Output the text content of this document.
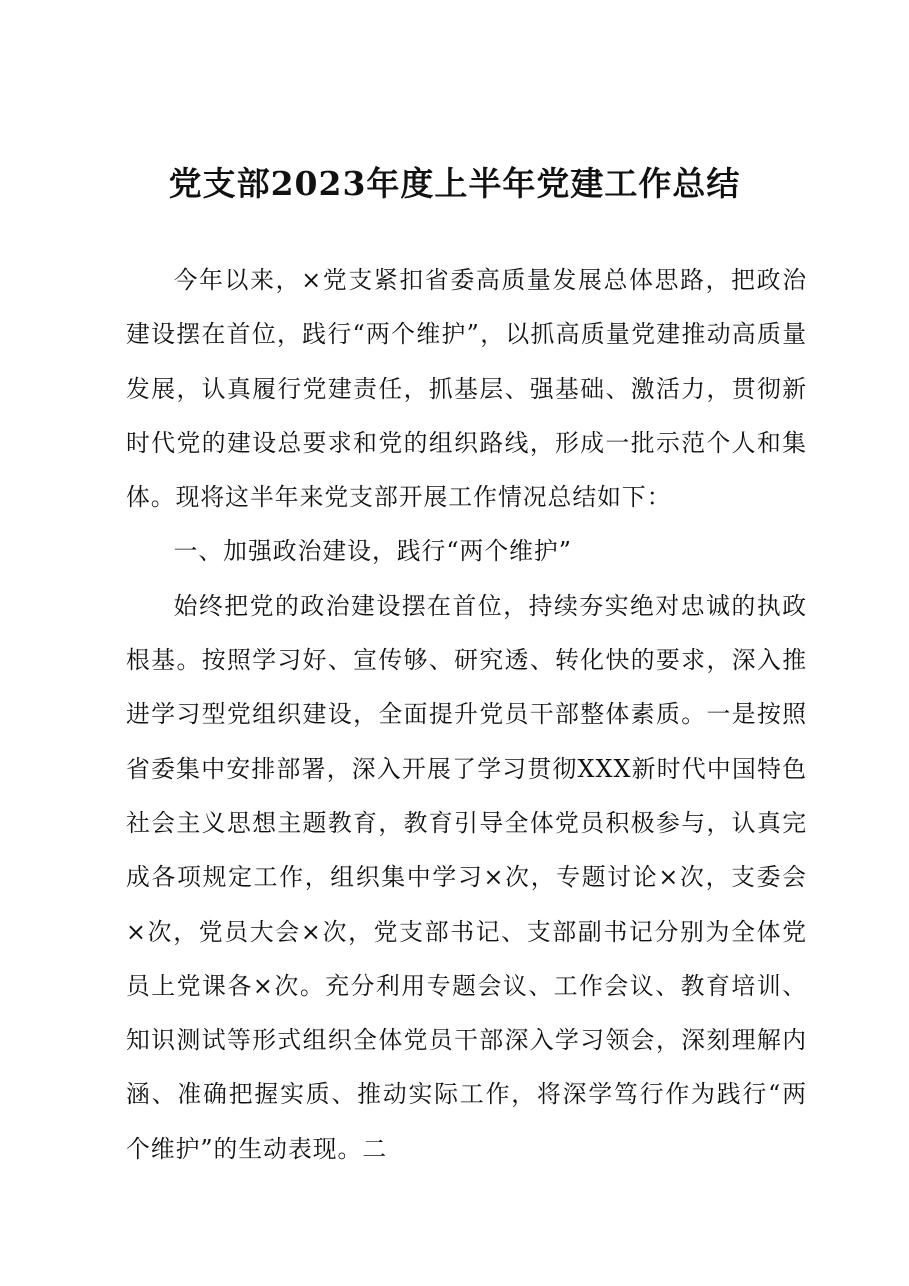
党支部2023年度上半年党建工作总结

今年以来，×党支紧扣省委高质量发展总体思路，把政治建设摆在首位，践行“两个维护”，以抓高质量党建推动高质量发展，认真履行党建责任，抓基层、强基础、激活力，贯彻新时代党的建设总要求和党的组织路线，形成一批示范个人和集体。现将这半年来党支部开展工作情况总结如下：

一、加强政治建设，践行“两个维护”

始终把党的政治建设摆在首位，持续夯实绝对忠诚的执政根基。按照学习好、宣传够、研究透、转化快的要求，深入推进学习型党组织建设，全面提升党员干部整体素质。一是按照省委集中安排部署，深入开展了学习贯彻XXX新时代中国特色社会主义思想主题教育，教育引导全体党员积极参与，认真完成各项规定工作，组织集中学习×次，专题讨论×次，支委会×次，党员大会×次，党支部书记、支部副书记分别为全体党员上党课各×次。充分利用专题会议、工作会议、教育培训、知识测试等形式组织全体党员干部深入学习领会，深刻理解内涵、准确把握实质、推动实际工作，将深学笃行作为践行“两个维护”的生动表现。二
